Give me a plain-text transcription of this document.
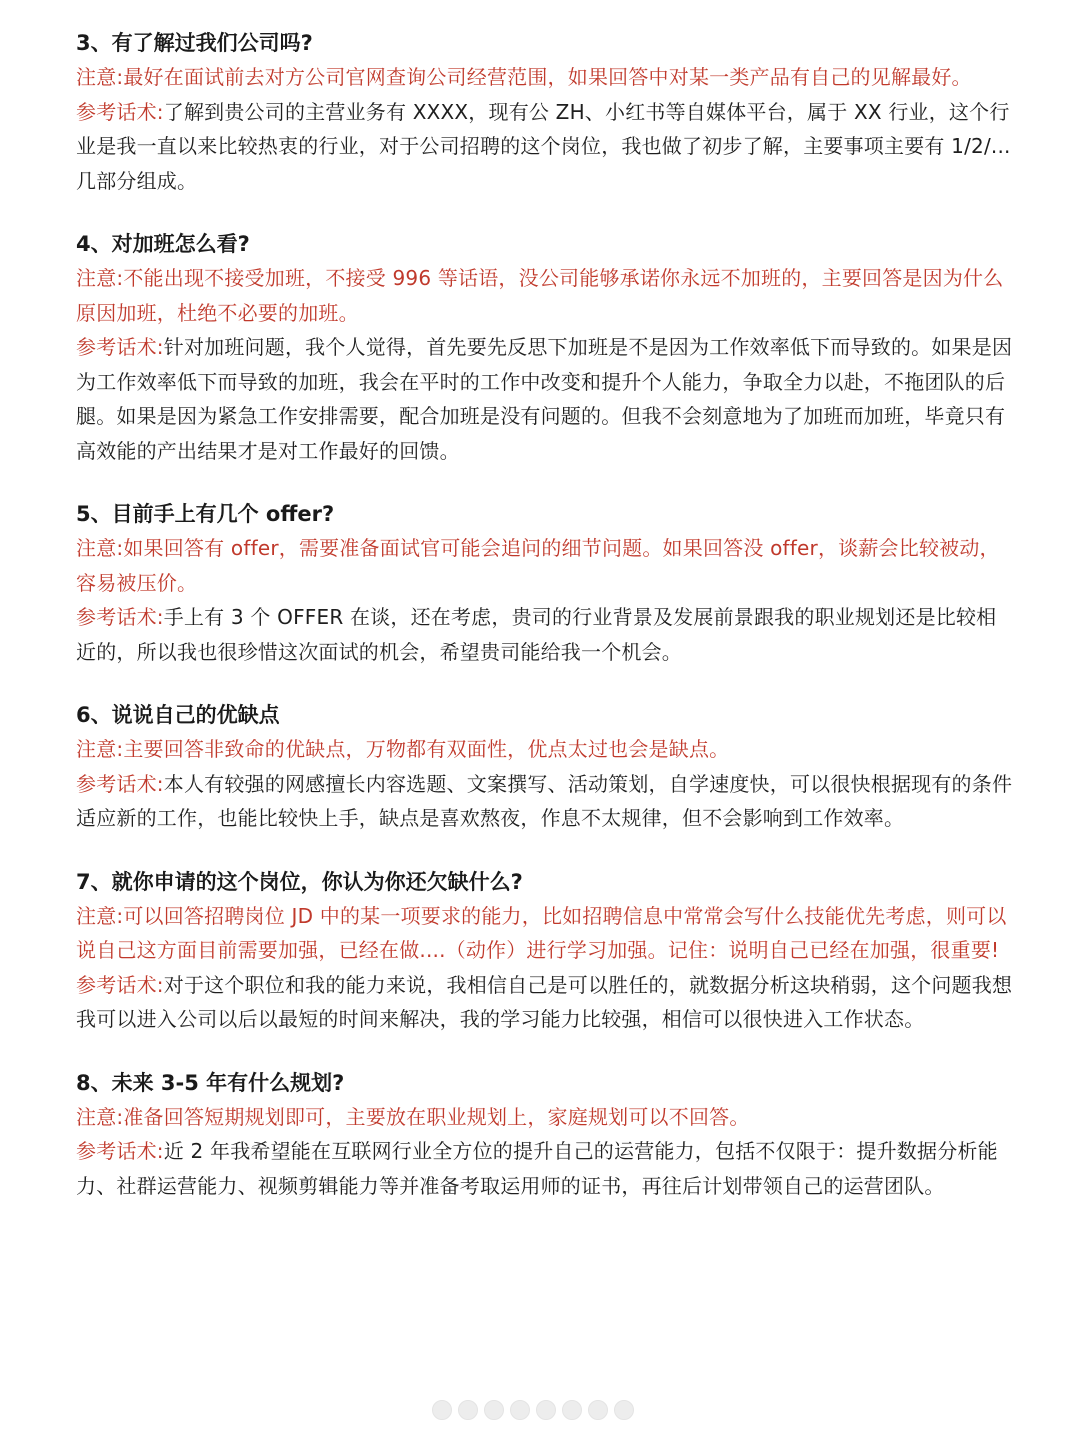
3、有了解过我们公司吗?

注意:最好在面试前去对方公司官网查询公司经营范围，如果回答中对某一类产品有自己的见解最好。

参考话术:了解到贵公司的主营业务有 XXXX，现有公 ZH、小红书等自媒体平台，属于 XX 行业，这个行业是我一直以来比较热衷的行业，对于公司招聘的这个岗位，我也做了初步了解，主要事项主要有 1/2/...几部分组成。

4、对加班怎么看?

注意:不能出现不接受加班，不接受 996 等话语，没公司能够承诺你永远不加班的，主要回答是因为什么原因加班，杜绝不必要的加班。

参考话术:针对加班问题，我个人觉得，首先要先反思下加班是不是因为工作效率低下而导致的。如果是因为工作效率低下而导致的加班，我会在平时的工作中改变和提升个人能力，争取全力以赴，不拖团队的后腿。如果是因为紧急工作安排需要，配合加班是没有问题的。但我不会刻意地为了加班而加班，毕竟只有高效能的产出结果才是对工作最好的回馈。

5、目前手上有几个 offer?

注意:如果回答有 offer，需要准备面试官可能会追问的细节问题。如果回答没 offer，谈薪会比较被动，容易被压价。

参考话术:手上有 3 个 OFFER 在谈，还在考虑，贵司的行业背景及发展前景跟我的职业规划还是比较相近的，所以我也很珍惜这次面试的机会，希望贵司能给我一个机会。

6、说说自己的优缺点

注意:主要回答非致命的优缺点，万物都有双面性，优点太过也会是缺点。

参考话术:本人有较强的网感擅长内容选题、文案撰写、活动策划，自学速度快，可以很快根据现有的条件适应新的工作，也能比较快上手，缺点是喜欢熬夜，作息不太规律，但不会影响到工作效率。

7、就你申请的这个岗位，你认为你还欠缺什么?

注意:可以回答招聘岗位 JD 中的某一项要求的能力，比如招聘信息中常常会写什么技能优先考虑，则可以说自己这方面目前需要加强，已经在做....（动作）进行学习加强。记住：说明自己已经在加强，很重要!

参考话术:对于这个职位和我的能力来说，我相信自己是可以胜任的，就数据分析这块稍弱，这个问题我想我可以进入公司以后以最短的时间来解决，我的学习能力比较强，相信可以很快进入工作状态。

8、未来 3-5 年有什么规划?

注意:准备回答短期规划即可，主要放在职业规划上，家庭规划可以不回答。

参考话术:近 2 年我希望能在互联网行业全方位的提升自己的运营能力，包括不仅限于：提升数据分析能力、社群运营能力、视频剪辑能力等并准备考取运用师的证书，再往后计划带领自己的运营团队。
